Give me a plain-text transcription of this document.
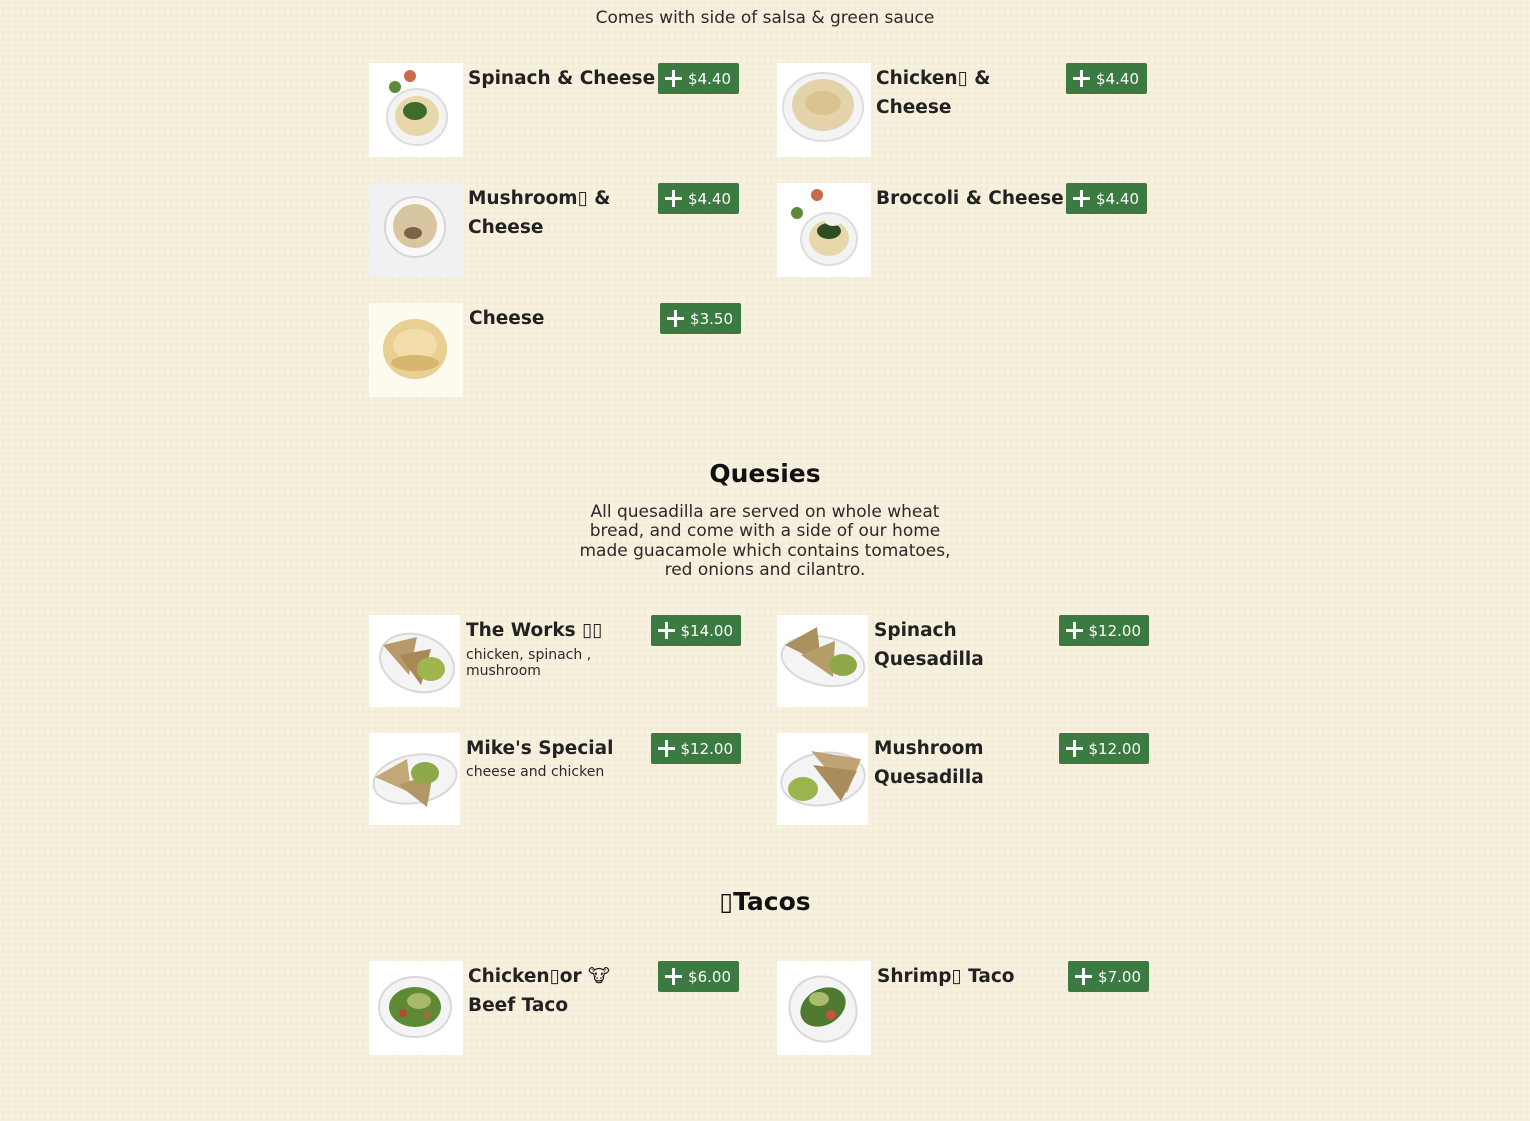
Comes with side of salsa & green sauce
Spinach & Cheese $4.40	Chicken▯ & Cheese
$4.40
Mushroom▯ & Cheese
$4.40	Broccoli & Cheese $4.40
Cheese	$3.50
Quesies
All quesadilla are served on whole wheat bread, and come with a side of our home made guacamole which contains tomatoes, red onions and cilantro.
The Works ▯▯
chicken, spinach , mushroom
$14.00	Spinach Quesadilla
$12.00
Mike's Special
cheese and chicken
$12.00	Mushroom Quesadilla
$12.00
▯Tacos
Chicken▯or 🐮Beef Taco
$6.00	Shrimp▯ Taco	$7.00
